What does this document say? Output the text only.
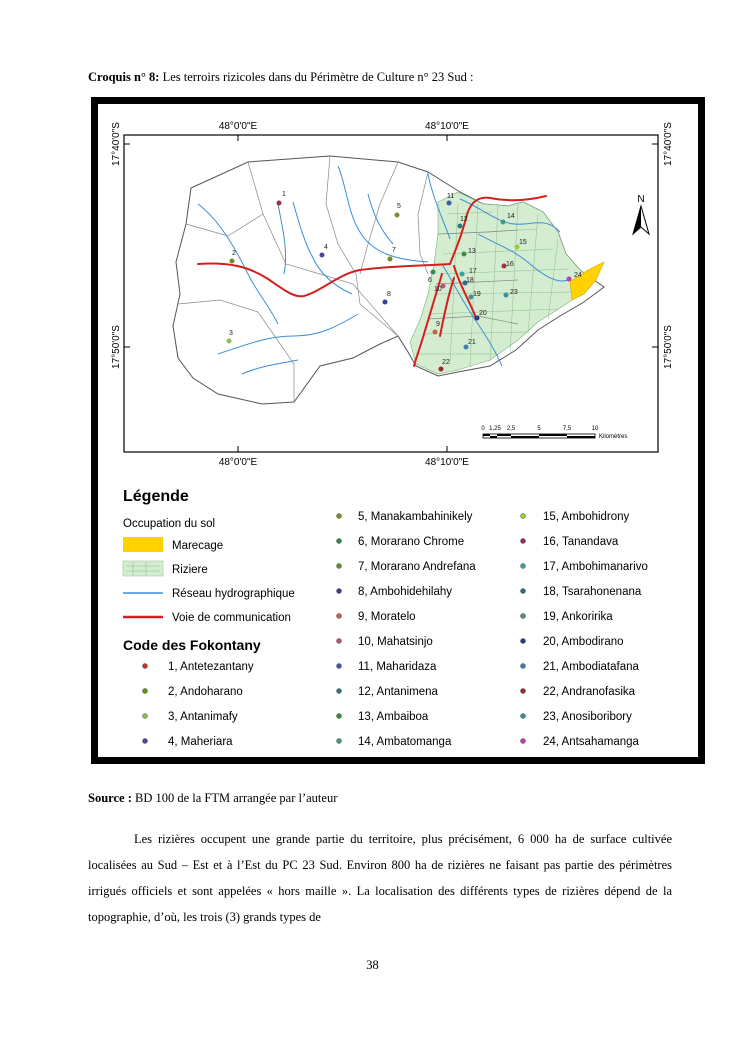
Croquis n° 8: Les terroirs rizicoles dans du Périmètre de Culture n° 23 Sud :
48°0'0"E	48°10'0"E
48°0'0"E	48°10'0"E
17°40'0"S
17°50'0"S
17°40'0"S
17°50'0"S
1
2
3
4
5
6
7
8
9
10
11
12
13
14
15
16
17
18
19
20
21
22
23
24
N
0 1,25 2,5	5	7,5	10
Kilomètres
Légende
Occupation du sol
Marecage
Riziere
Réseau hydrographique
Voie de communication
Code des Fokontany
1, Antetezantany
2, Andoharano
3, Antanimafy
4, Maheriara
5, Manakambahinikely
6, Morarano Chrome
7, Morarano Andrefana
8, Ambohidehilahy
9, Moratelo
10, Mahatsinjo
11, Maharidaza
12, Antanimena
13, Ambaiboa
14, Ambatomanga
15, Ambohidrony
16, Tanandava
17, Ambohimanarivo
18, Tsarahonenana
19, Ankoririka
20, Ambodirano
21, Ambodiatafana
22, Andranofasika
23, Anosiboribory
24, Antsahamanga
Source : BD 100 de la FTM arrangée par l’auteur

Les rizières occupent une grande partie du territoire, plus précisément, 6 000 ha de surface cultivée localisées au Sud – Est et à l’Est du PC 23 Sud. Environ 800 ha de rizières ne faisant pas partie des périmètres irrigués officiels et sont appelées « hors maille ». La localisation des différents types de rizières dépend de la topographie, d’où, les trois (3) grands types de

38
